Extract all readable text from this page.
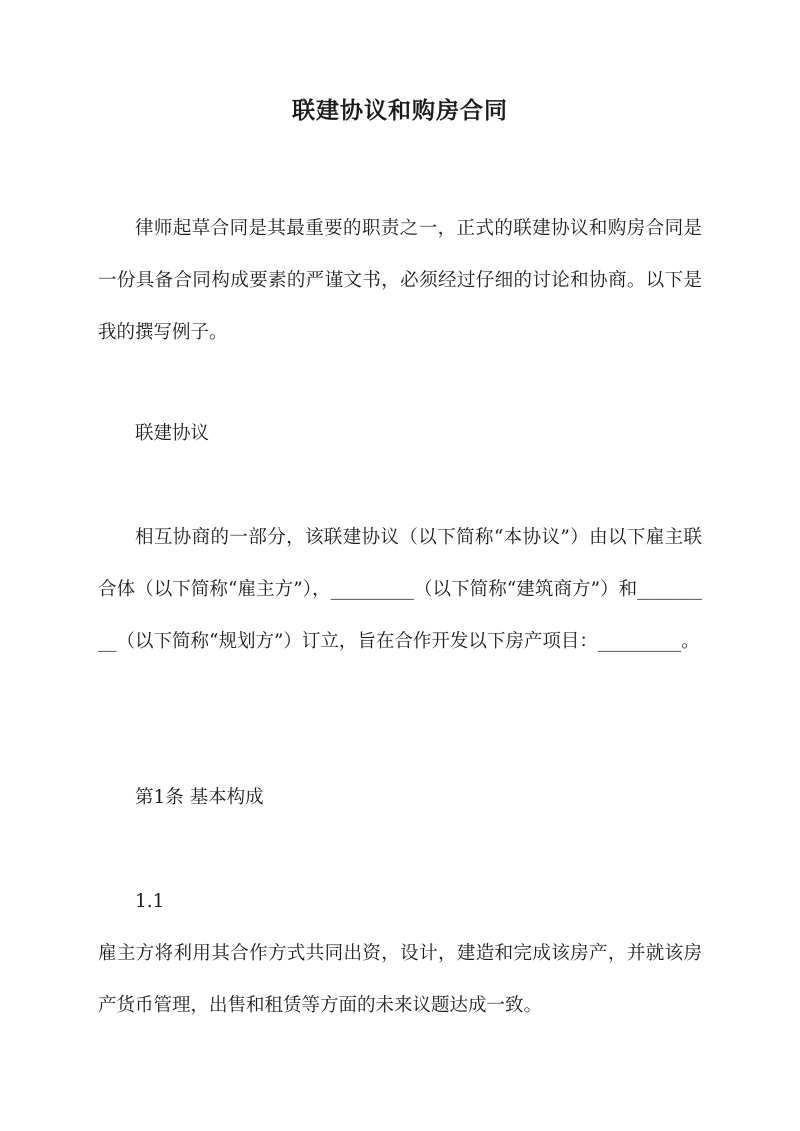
联建协议和购房合同
律师起草合同是其最重要的职责之一，正式的联建协议和购房合同是一份具备合同构成要素的严谨文书，必须经过仔细的讨论和协商。以下是我的撰写例子。
联建协议
相互协商的一部分，该联建协议（以下简称“本协议”）由以下雇主联合体（以下简称“雇主方”），_________（以下简称“建筑商方”）和_________（以下简称“规划方”）订立，旨在合作开发以下房产项目：_________。
第1条 基本构成
1.1
雇主方将利用其合作方式共同出资，设计，建造和完成该房产，并就该房产货币管理，出售和租赁等方面的未来议题达成一致。
